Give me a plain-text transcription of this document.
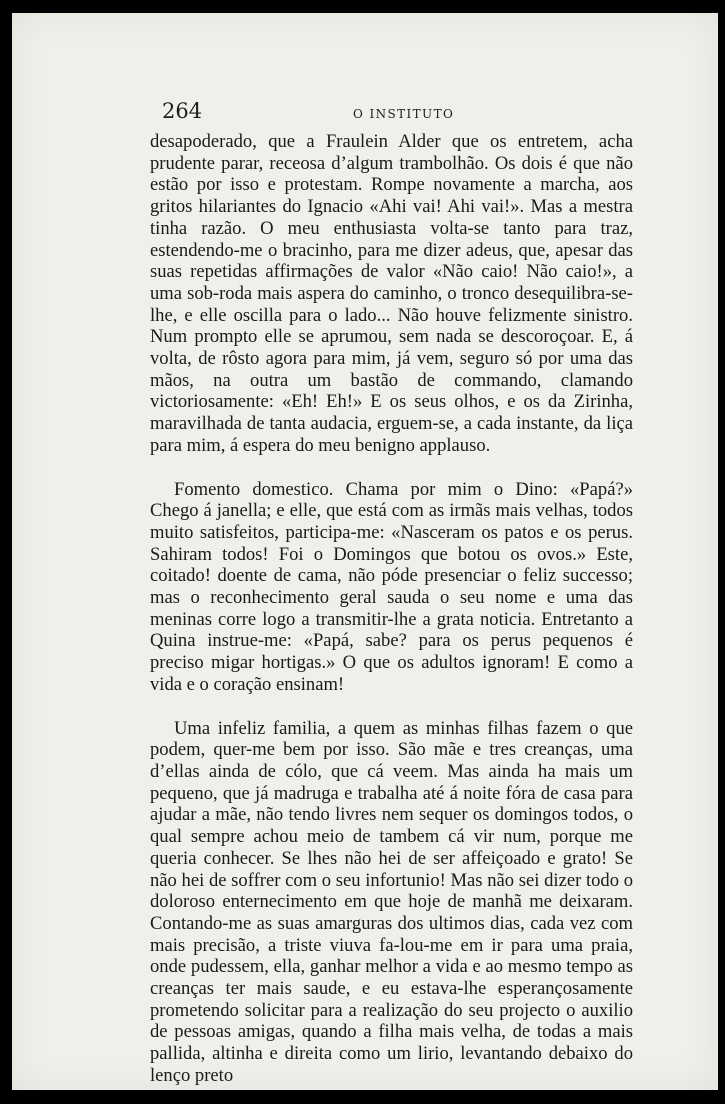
264	O INSTITUTO

desapoderado, que a Fraulein Alder que os entretem, acha prudente parar, receosa d’algum trambolhão. Os dois é que não estão por isso e protestam. Rompe novamente a marcha, aos gritos hilariantes do Ignacio «Ahi vai! Ahi vai!». Mas a mestra tinha razão. O meu enthusiasta volta-se tanto para traz, estendendo-me o bracinho, para me dizer adeus, que, apesar das suas repetidas affirmações de valor «Não caio! Não caio!», a uma sob-roda mais aspera do caminho, o tronco desequilibra-se-lhe, e elle oscilla para o lado... Não houve felizmente sinistro. Num prompto elle se aprumou, sem nada se descoroçoar. E, á volta, de rôsto agora para mim, já vem, seguro só por uma das mãos, na outra um bastão de commando, clamando victoriosamente: «Eh! Eh!» E os seus olhos, e os da Zirinha, maravilhada de tanta audacia, erguem-se, a cada instante, da liça para mim, á espera do meu benigno applauso.

Fomento domestico. Chama por mim o Dino: «Papá?» Chego á janella; e elle, que está com as irmãs mais velhas, todos muito satisfeitos, participa-me: «Nasceram os patos e os perus. Sahiram todos! Foi o Domingos que botou os ovos.» Este, coitado! doente de cama, não póde presenciar o feliz successo; mas o reconhecimento geral sauda o seu nome e uma das meninas corre logo a transmitir-lhe a grata noticia. Entretanto a Quina instrue-me: «Papá, sabe? para os perus pequenos é preciso migar hortigas.» O que os adultos ignoram! E como a vida e o coração ensinam!

Uma infeliz familia, a quem as minhas filhas fazem o que podem, quer-me bem por isso. São mãe e tres creanças, uma d’ellas ainda de cólo, que cá veem. Mas ainda ha mais um pequeno, que já madruga e trabalha até á noite fóra de casa para ajudar a mãe, não tendo livres nem sequer os domingos todos, o qual sempre achou meio de tambem cá vir num, porque me queria conhecer. Se lhes não hei de ser affeiçoado e grato! Se não hei de soffrer com o seu infortunio! Mas não sei dizer todo o doloroso enternecimento em que hoje de manhã me deixaram. Contando-me as suas amarguras dos ultimos dias, cada vez com mais precisão, a triste viuva fa-lou-me em ir para uma praia, onde pudessem, ella, ganhar melhor a vida e ao mesmo tempo as creanças ter mais saude, e eu estava-lhe esperançosamente prometendo solicitar para a realização do seu projecto o auxilio de pessoas amigas, quando a filha mais velha, de todas a mais pallida, altinha e direita como um lirio, levantando debaixo do lenço preto
